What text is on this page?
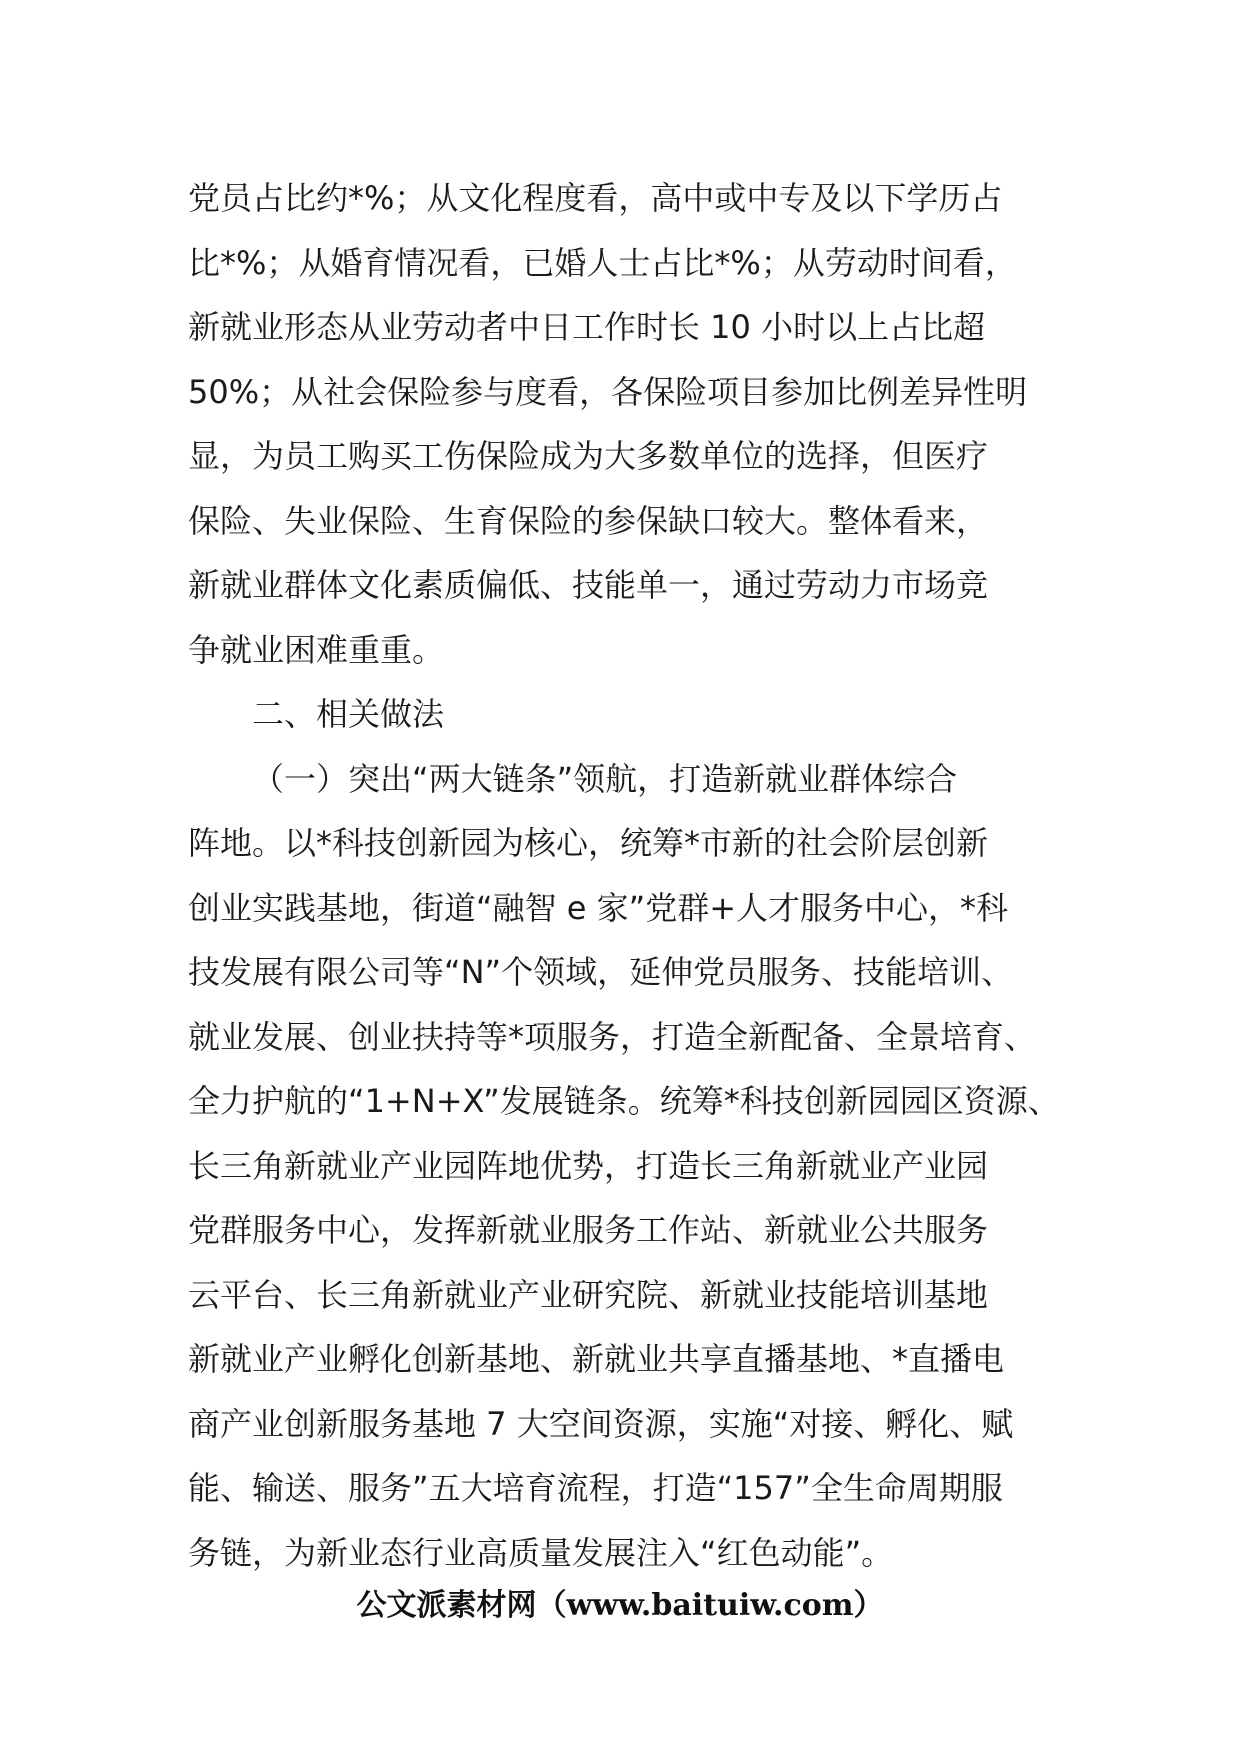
党员占比约*%；从文化程度看，高中或中专及以下学历占
比*%；从婚育情况看，已婚人士占比*%；从劳动时间看，
新就业形态从业劳动者中日工作时长 10 小时以上占比超
50%；从社会保险参与度看，各保险项目参加比例差异性明
显，为员工购买工伤保险成为大多数单位的选择，但医疗
保险、失业保险、生育保险的参保缺口较大。整体看来，
新就业群体文化素质偏低、技能单一，通过劳动力市场竞
争就业困难重重。
二、相关做法
（一）突出“两大链条”领航，打造新就业群体综合
阵地。以*科技创新园为核心，统筹*市新的社会阶层创新
创业实践基地，街道“融智 e 家”党群+人才服务中心，*科
技发展有限公司等“N”个领域，延伸党员服务、技能培训、
就业发展、创业扶持等*项服务，打造全新配备、全景培育、
全力护航的“1+N+X”发展链条。统筹*科技创新园园区资源、
长三角新就业产业园阵地优势，打造长三角新就业产业园
党群服务中心，发挥新就业服务工作站、新就业公共服务
云平台、长三角新就业产业研究院、新就业技能培训基地
新就业产业孵化创新基地、新就业共享直播基地、*直播电
商产业创新服务基地 7 大空间资源，实施“对接、孵化、赋
能、输送、服务”五大培育流程，打造“157”全生命周期服
务链，为新业态行业高质量发展注入“红色动能”。
公文派素材网（www.baituiw.com）
